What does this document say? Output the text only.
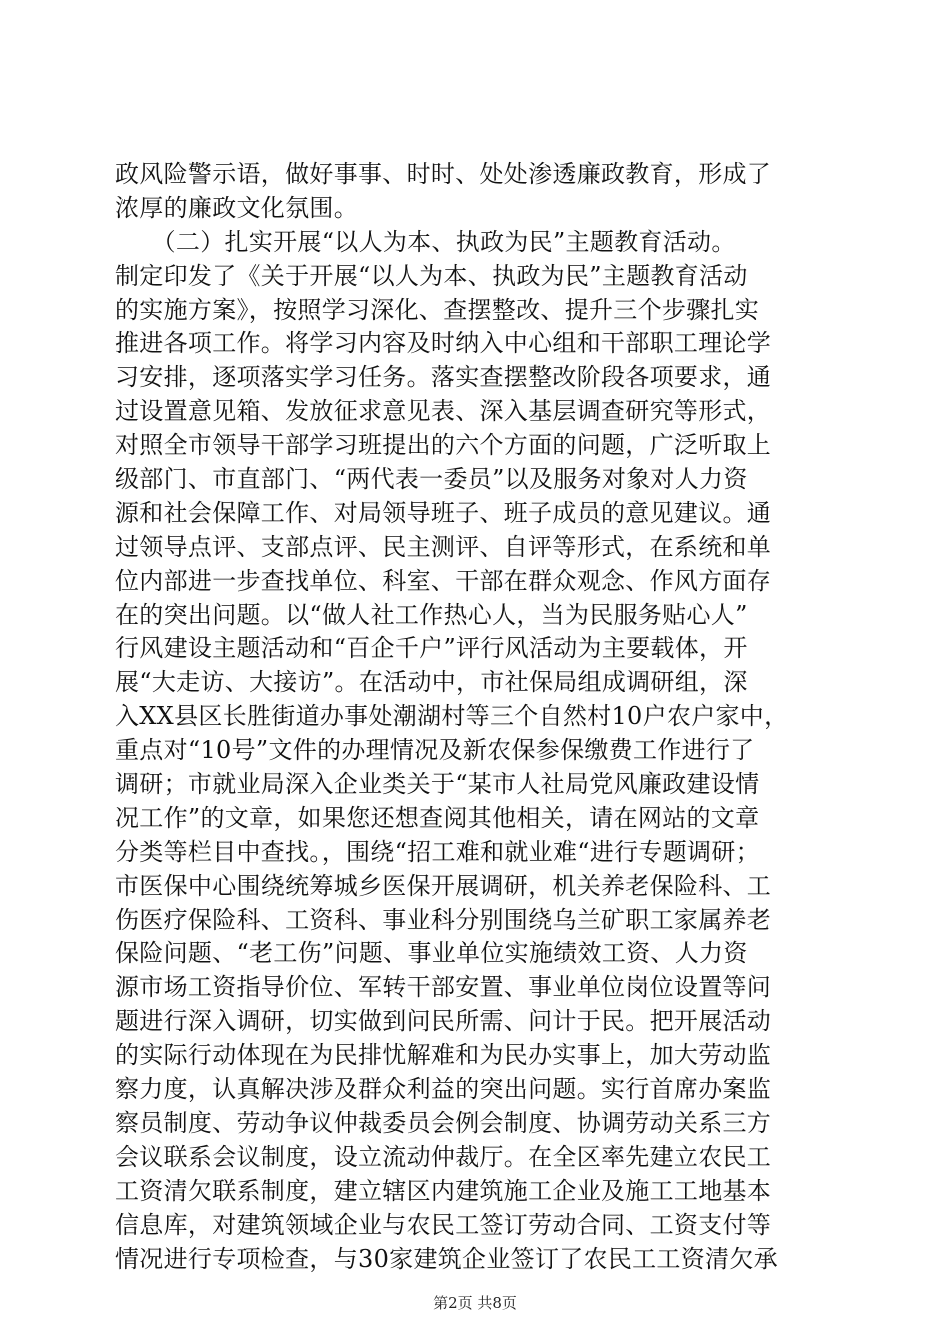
政风险警示语，做好事事、时时、处处渗透廉政教育，形成了
浓厚的廉政文化氛围。
　　（二）扎实开展“以人为本、执政为民”主题教育活动。
制定印发了《关于开展“以人为本、执政为民”主题教育活动
的实施方案》，按照学习深化、查摆整改、提升三个步骤扎实
推进各项工作。将学习内容及时纳入中心组和干部职工理论学
习安排，逐项落实学习任务。落实查摆整改阶段各项要求，通
过设置意见箱、发放征求意见表、深入基层调查研究等形式，
对照全市领导干部学习班提出的六个方面的问题，广泛听取上
级部门、市直部门、“两代表一委员”以及服务对象对人力资
源和社会保障工作、对局领导班子、班子成员的意见建议。通
过领导点评、支部点评、民主测评、自评等形式，在系统和单
位内部进一步查找单位、科室、干部在群众观念、作风方面存
在的突出问题。以“做人社工作热心人，当为民服务贴心人”
行风建设主题活动和“百企千户”评行风活动为主要载体，开
展“大走访、大接访”。在活动中，市社保局组成调研组，深
入XX县区长胜街道办事处潮湖村等三个自然村10户农户家中，
重点对“10号”文件的办理情况及新农保参保缴费工作进行了
调研；市就业局深入企业类关于“某市人社局党风廉政建设情
况工作”的文章，如果您还想查阅其他相关，请在网站的文章
分类等栏目中查找。，围绕“招工难和就业难“进行专题调研；
市医保中心围绕统筹城乡医保开展调研，机关养老保险科、工
伤医疗保险科、工资科、事业科分别围绕乌兰矿职工家属养老
保险问题、“老工伤”问题、事业单位实施绩效工资、人力资
源市场工资指导价位、军转干部安置、事业单位岗位设置等问
题进行深入调研，切实做到问民所需、问计于民。把开展活动
的实际行动体现在为民排忧解难和为民办实事上，加大劳动监
察力度，认真解决涉及群众利益的突出问题。实行首席办案监
察员制度、劳动争议仲裁委员会例会制度、协调劳动关系三方
会议联系会议制度，设立流动仲裁厅。在全区率先建立农民工
工资清欠联系制度，建立辖区内建筑施工企业及施工工地基本
信息库，对建筑领域企业与农民工签订劳动合同、工资支付等
情况进行专项检查，与30家建筑企业签订了农民工工资清欠承
第2页 共8页
